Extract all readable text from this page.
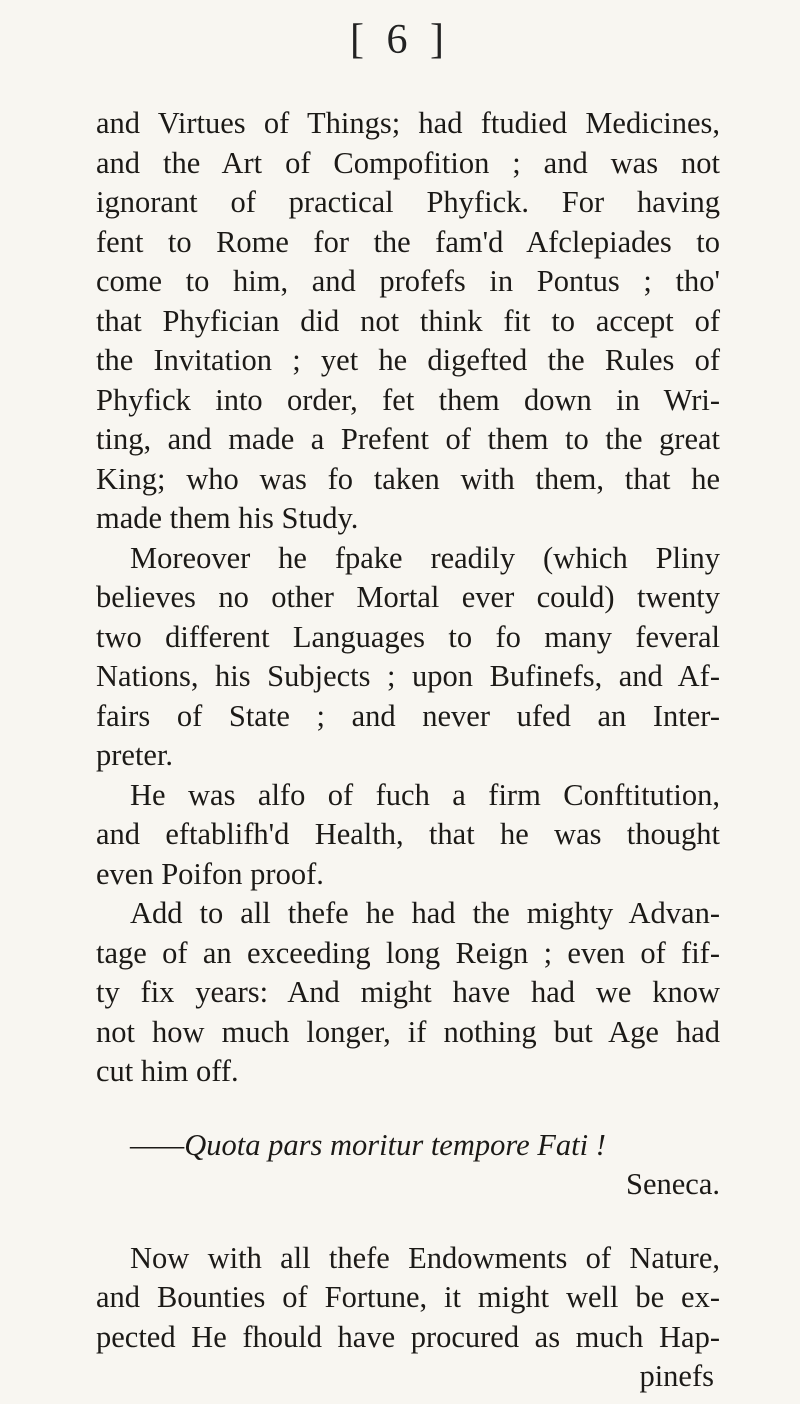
[ 6 ]
and Virtues of Things; had ftudied Medicines,
and the Art of Compofition ; and was not
ignorant of practical Phyfick. For having
fent to Rome for the fam'd Afclepiades to
come to him, and profefs in Pontus ; tho'
that Phyfician did not think fit to accept of
the Invitation ; yet he digefted the Rules of
Phyfick into order, fet them down in Wri-
ting, and made a Prefent of them to the great
King; who was fo taken with them, that he
made them his Study.
Moreover he fpake readily (which Pliny
believes no other Mortal ever could) twenty
two different Languages to fo many feveral
Nations, his Subjects ; upon Bufinefs, and Af-
fairs of State ; and never ufed an Inter-
preter.
He was alfo of fuch a firm Conftitution,
and eftablifh'd Health, that he was thought
even Poifon proof.
Add to all thefe he had the mighty Advan-
tage of an exceeding long Reign ; even of fif-
ty fix years: And might have had we know
not how much longer, if nothing but Age had
cut him off.
——Quota pars moritur tempore Fati !
Seneca.
Now with all thefe Endowments of Nature,
and Bounties of Fortune, it might well be ex-
pected He fhould have procured as much Hap-
pinefs
